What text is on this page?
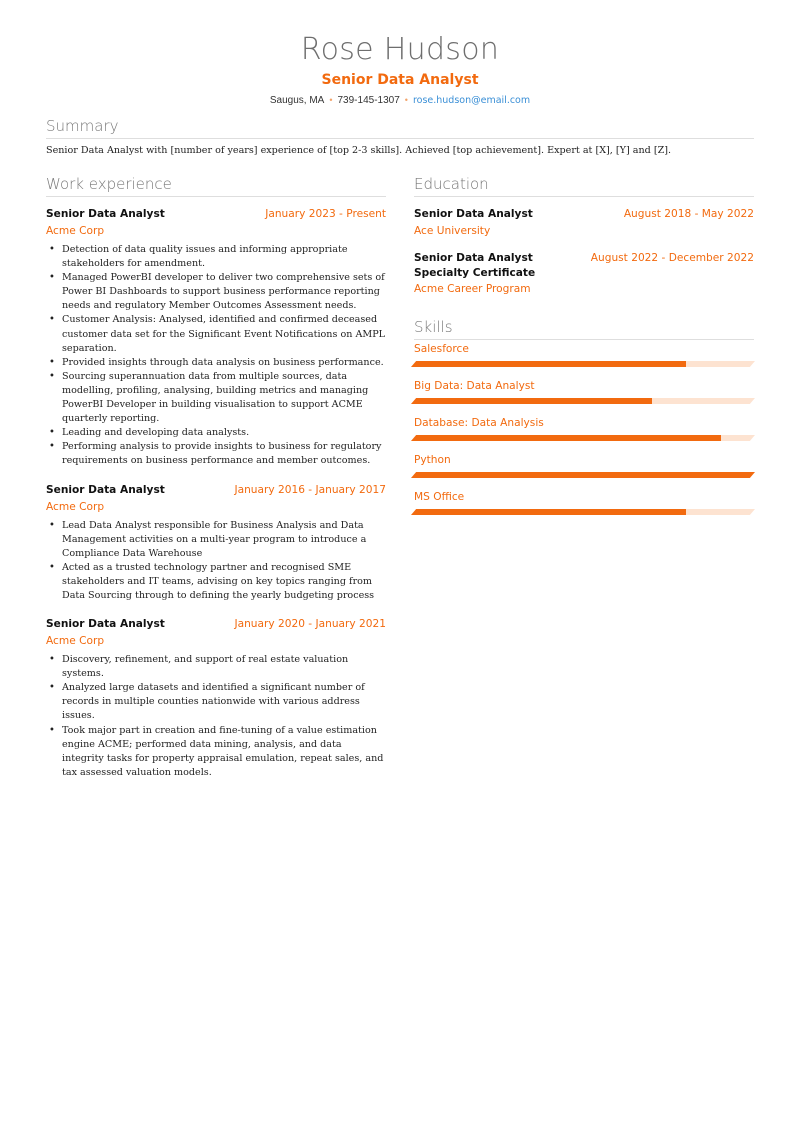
Rose Hudson
Senior Data Analyst
Saugus, MA • 739-145-1307 • rose.hudson@email.com
Summary
Senior Data Analyst with [number of years] experience of [top 2-3 skills]. Achieved [top achievement]. Expert at [X], [Y] and [Z].
Work experience
Senior Data Analyst	January 2023 - Present
Acme Corp
• Detection of data quality issues and informing appropriate stakeholders for amendment.
• Managed PowerBI developer to deliver two comprehensive sets of Power BI Dashboards to support business performance reporting needs and regulatory Member Outcomes Assessment needs.
• Customer Analysis: Analysed, identified and confirmed deceased customer data set for the Significant Event Notifications on AMPL separation.
• Provided insights through data analysis on business performance.
• Sourcing superannuation data from multiple sources, data modelling, profiling, analysing, building metrics and managing PowerBI Developer in building visualisation to support ACME quarterly reporting.
• Leading and developing data analysts.
• Performing analysis to provide insights to business for regulatory requirements on business performance and member outcomes.
Senior Data Analyst	January 2016 - January 2017
Acme Corp
• Lead Data Analyst responsible for Business Analysis and Data Management activities on a multi-year program to introduce a Compliance Data Warehouse
• Acted as a trusted technology partner and recognised SME stakeholders and IT teams, advising on key topics ranging from Data Sourcing through to defining the yearly budgeting process
Senior Data Analyst	January 2020 - January 2021
Acme Corp
• Discovery, refinement, and support of real estate valuation systems.
• Analyzed large datasets and identified a significant number of records in multiple counties nationwide with various address issues.
• Took major part in creation and fine-tuning of a value estimation engine ACME; performed data mining, analysis, and data integrity tasks for property appraisal emulation, repeat sales, and tax assessed valuation models.
Education
Senior Data Analyst	August 2018 - May 2022
Ace University
Senior Data Analyst Specialty Certificate
August 2022 - December 2022
Acme Career Program
Skills
Salesforce
Big Data: Data Analyst
Database: Data Analysis
Python
MS Office
